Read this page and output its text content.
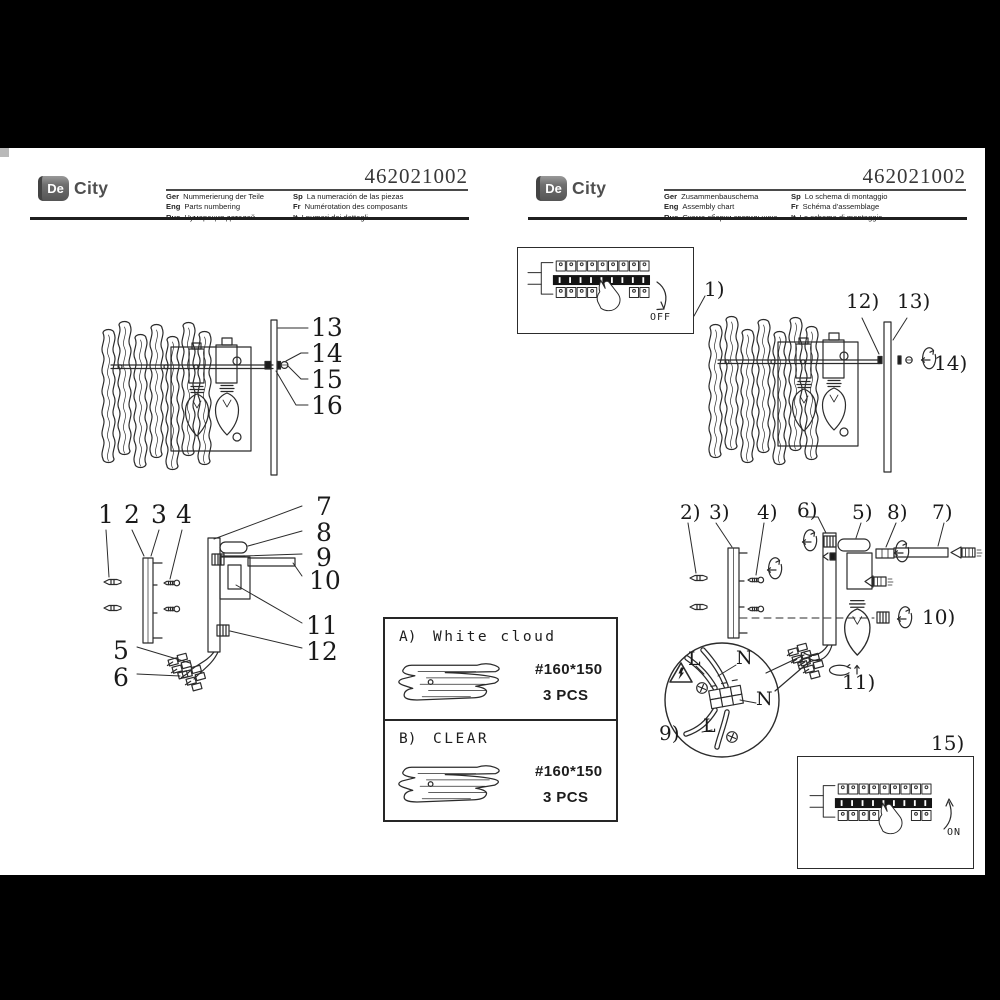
De City	462021002
Ger Nummerierung der Teile
Eng Parts numbering
Sp La numeración de las piezas
Fr Numérotation des composants
De City	462021002
Ger Zusammenbauschema
Eng Assembly chart
Sp Lo schema di montaggio
Fr Schéma d'assemblage
13
14
15
16
1 2 3 4
5
6
7
8
9
10
11
12	A) White cloud
#160*150
3 PCS
B) CLEAR
#160*150
3 PCS
OFF
1)	12) 13)
14)
2) 3) 4) 6) 5) 8) 7)
10)
11)
9)
L N
N
L
15)
ON
